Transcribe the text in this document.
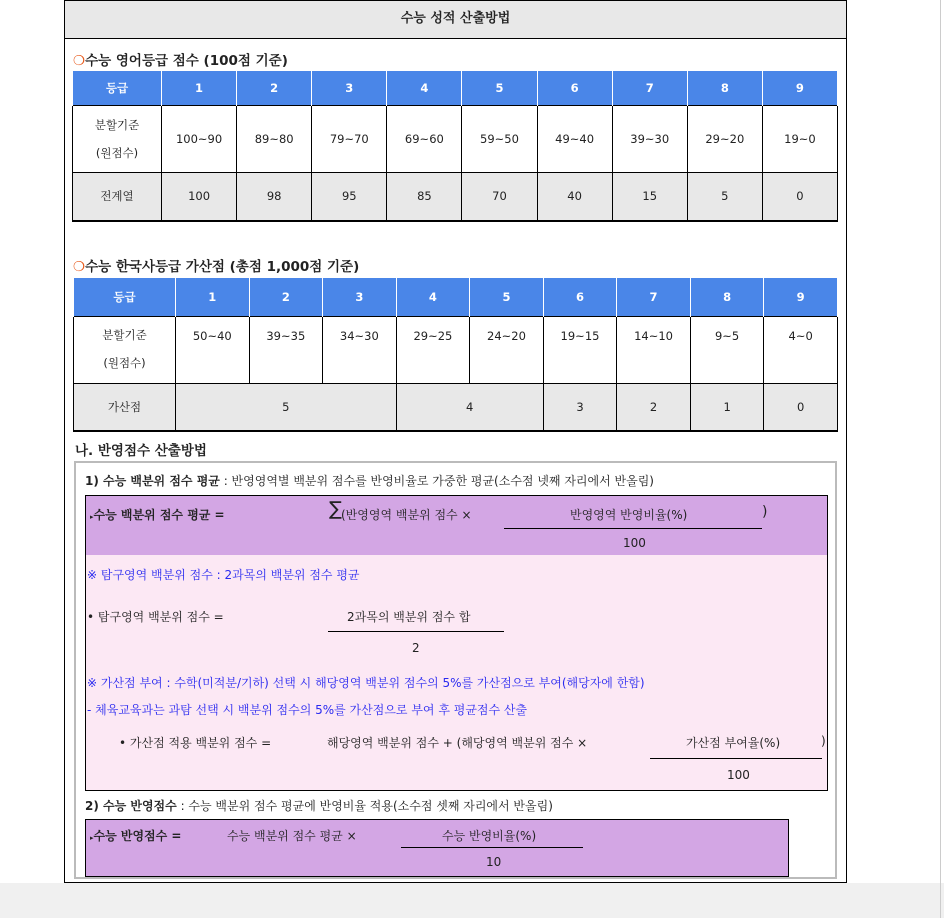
수능 성적 산출방법
❍수능 영어등급 점수 (100점 기준)
등급	1	2	3	4	5	6	7	8	9

분할기준
(원점수)	100~90	89~80	79~70	69~60	59~50	49~40	39~30	29~20	19~0
전계열	100	98	95	85	70	40	15	5	0
❍수능 한국사등급 가산점 (총점 1,000점 기준)
등급	1	2	3	4	5	6	7	8	9

분할기준
(원점수)	50~40	39~35	34~30	29~25	24~20	19~15	14~10	9~5	4~0
가산점	5			4		3	2	1	0
나. 반영점수 산출방법
1) 수능 백분위 점수 평균 : 반영영역별 백분위 점수를 반영비율로 가중한 평균(소수점 넷째 자리에서 반올림)
▸수능 백분위 점수 평균 =	∑ (반영영역 백분위 점수 ×	반영영역 반영비율(%)	)
100
※ 탐구영역 백분위 점수 : 2과목의 백분위 점수 평균
• 탐구영역 백분위 점수 =	2과목의 백분위 점수 합
2
※ 가산점 부여 : 수학(미적분/기하) 선택 시 해당영역 백분위 점수의 5%를 가산점으로 부여(해당자에 한함)
- 체육교육과는 과탐 선택 시 백분위 점수의 5%를 가산점으로 부여 후 평균점수 산출
• 가산점 적용 백분위 점수 =	해당영역 백분위 점수 + (해당영역 백분위 점수 ×	가산점 부여율(%)	)
100
2) 수능 반영점수 : 수능 백분위 점수 평균에 반영비율 적용(소수점 셋째 자리에서 반올림)
▸수능 반영점수 =	수능 백분위 점수 평균 ×	수능 반영비율(%)
10
